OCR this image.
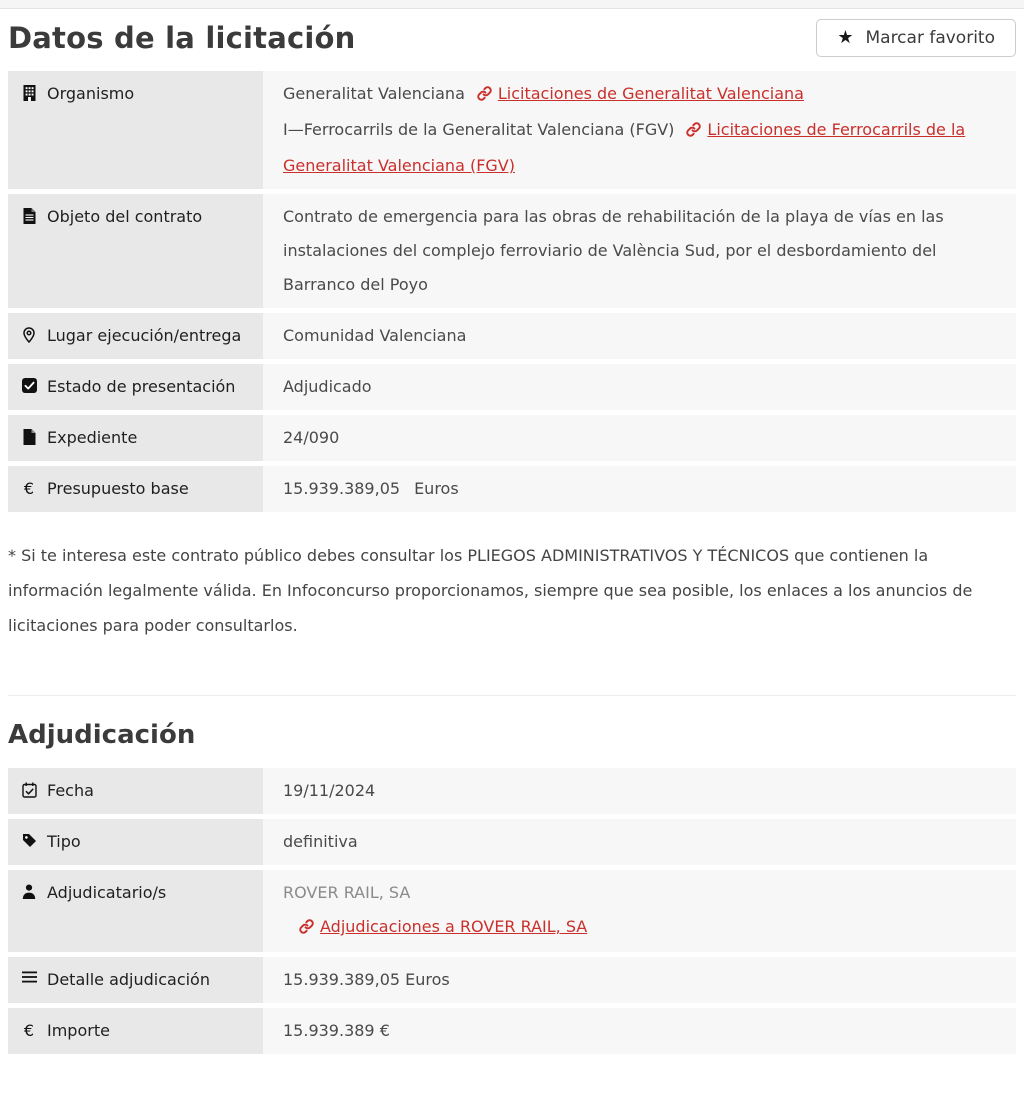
Datos de la licitación	★ Marcar favorito
Organismo	Generalitat Valenciana Licitaciones de Generalitat Valenciana

I—Ferrocarrils de la Generalitat Valenciana (FGV) Licitaciones de Ferrocarrils de la Generalitat Valenciana (FGV)

Objeto del contrato	Contrato de emergencia para las obras de rehabilitación de la playa de vías en las instalaciones del complejo ferroviario de València Sud, por el desbordamiento del Barranco del Poyo

Lugar ejecución/entrega	Comunidad Valenciana

Estado de presentación	Adjudicado

Expediente	24/090

€ Presupuesto base	15.939.389,05 Euros

* Si te interesa este contrato público debes consultar los PLIEGOS ADMINISTRATIVOS Y TÉCNICOS que contienen la información legalmente válida. En Infoconcurso proporcionamos, siempre que sea posible, los enlaces a los anuncios de licitaciones para poder consultarlos.

Adjudicación
Fecha	19/11/2024

Tipo	definitiva

Adjudicatario/s	ROVER RAIL, SA

Adjudicaciones a ROVER RAIL, SA

Detalle adjudicación	15.939.389,05 Euros

€ Importe	15.939.389 €
